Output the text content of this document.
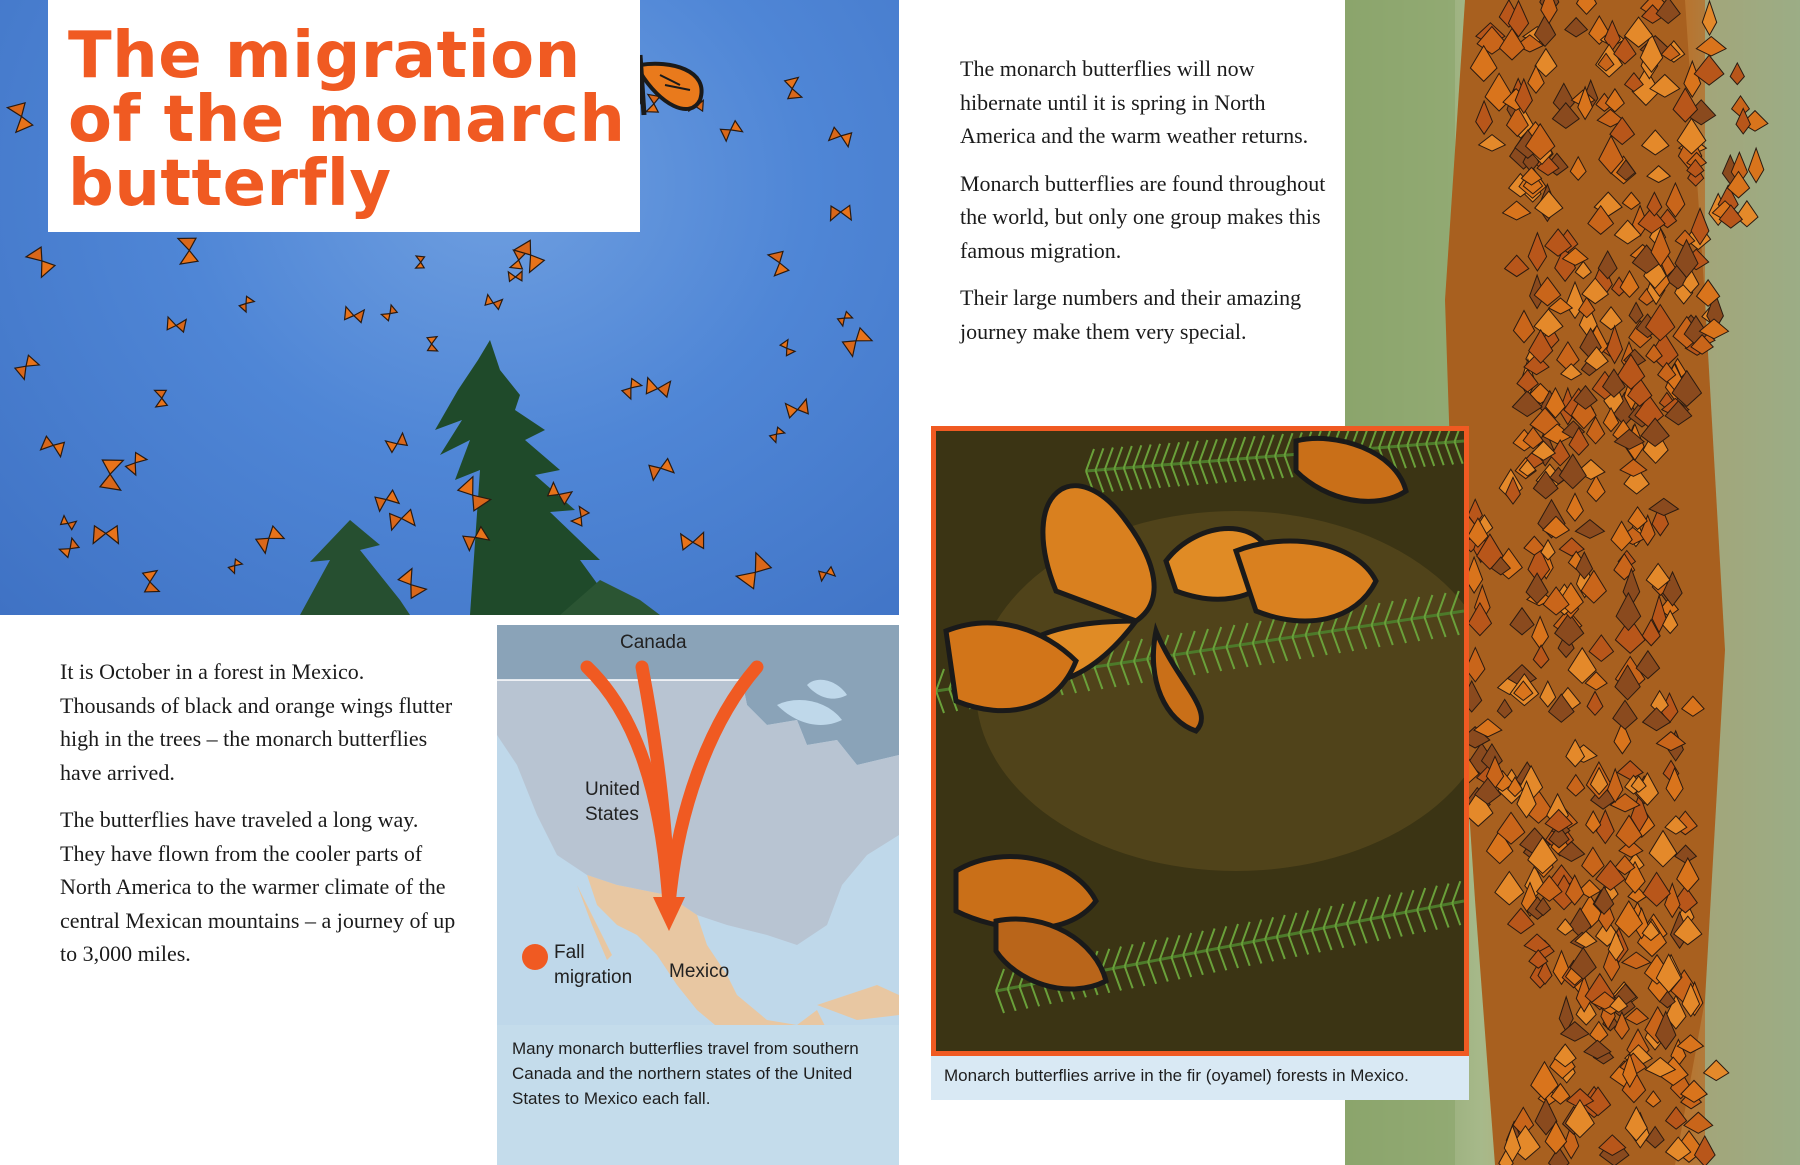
The migration of the monarch butterfly

It is October in a forest in Mexico. Thousands of black and orange wings flutter high in the trees – the monarch butterflies have arrived.

The butterflies have traveled a long way. They have flown from the cooler parts of North America to the warmer climate of the central Mexican mountains – a journey of up to 3,000 miles.

Canada
United States
Mexico
Fall migration
Many monarch butterflies travel from southern Canada and the northern states of the United States to Mexico each fall.

The monarch butterflies will now hibernate until it is spring in North America and the warm weather returns.

Monarch butterflies are found throughout the world, but only one group makes this famous migration.

Their large numbers and their amazing journey make them very special.

Monarch butterflies arrive in the fir (oyamel) forests in Mexico.
